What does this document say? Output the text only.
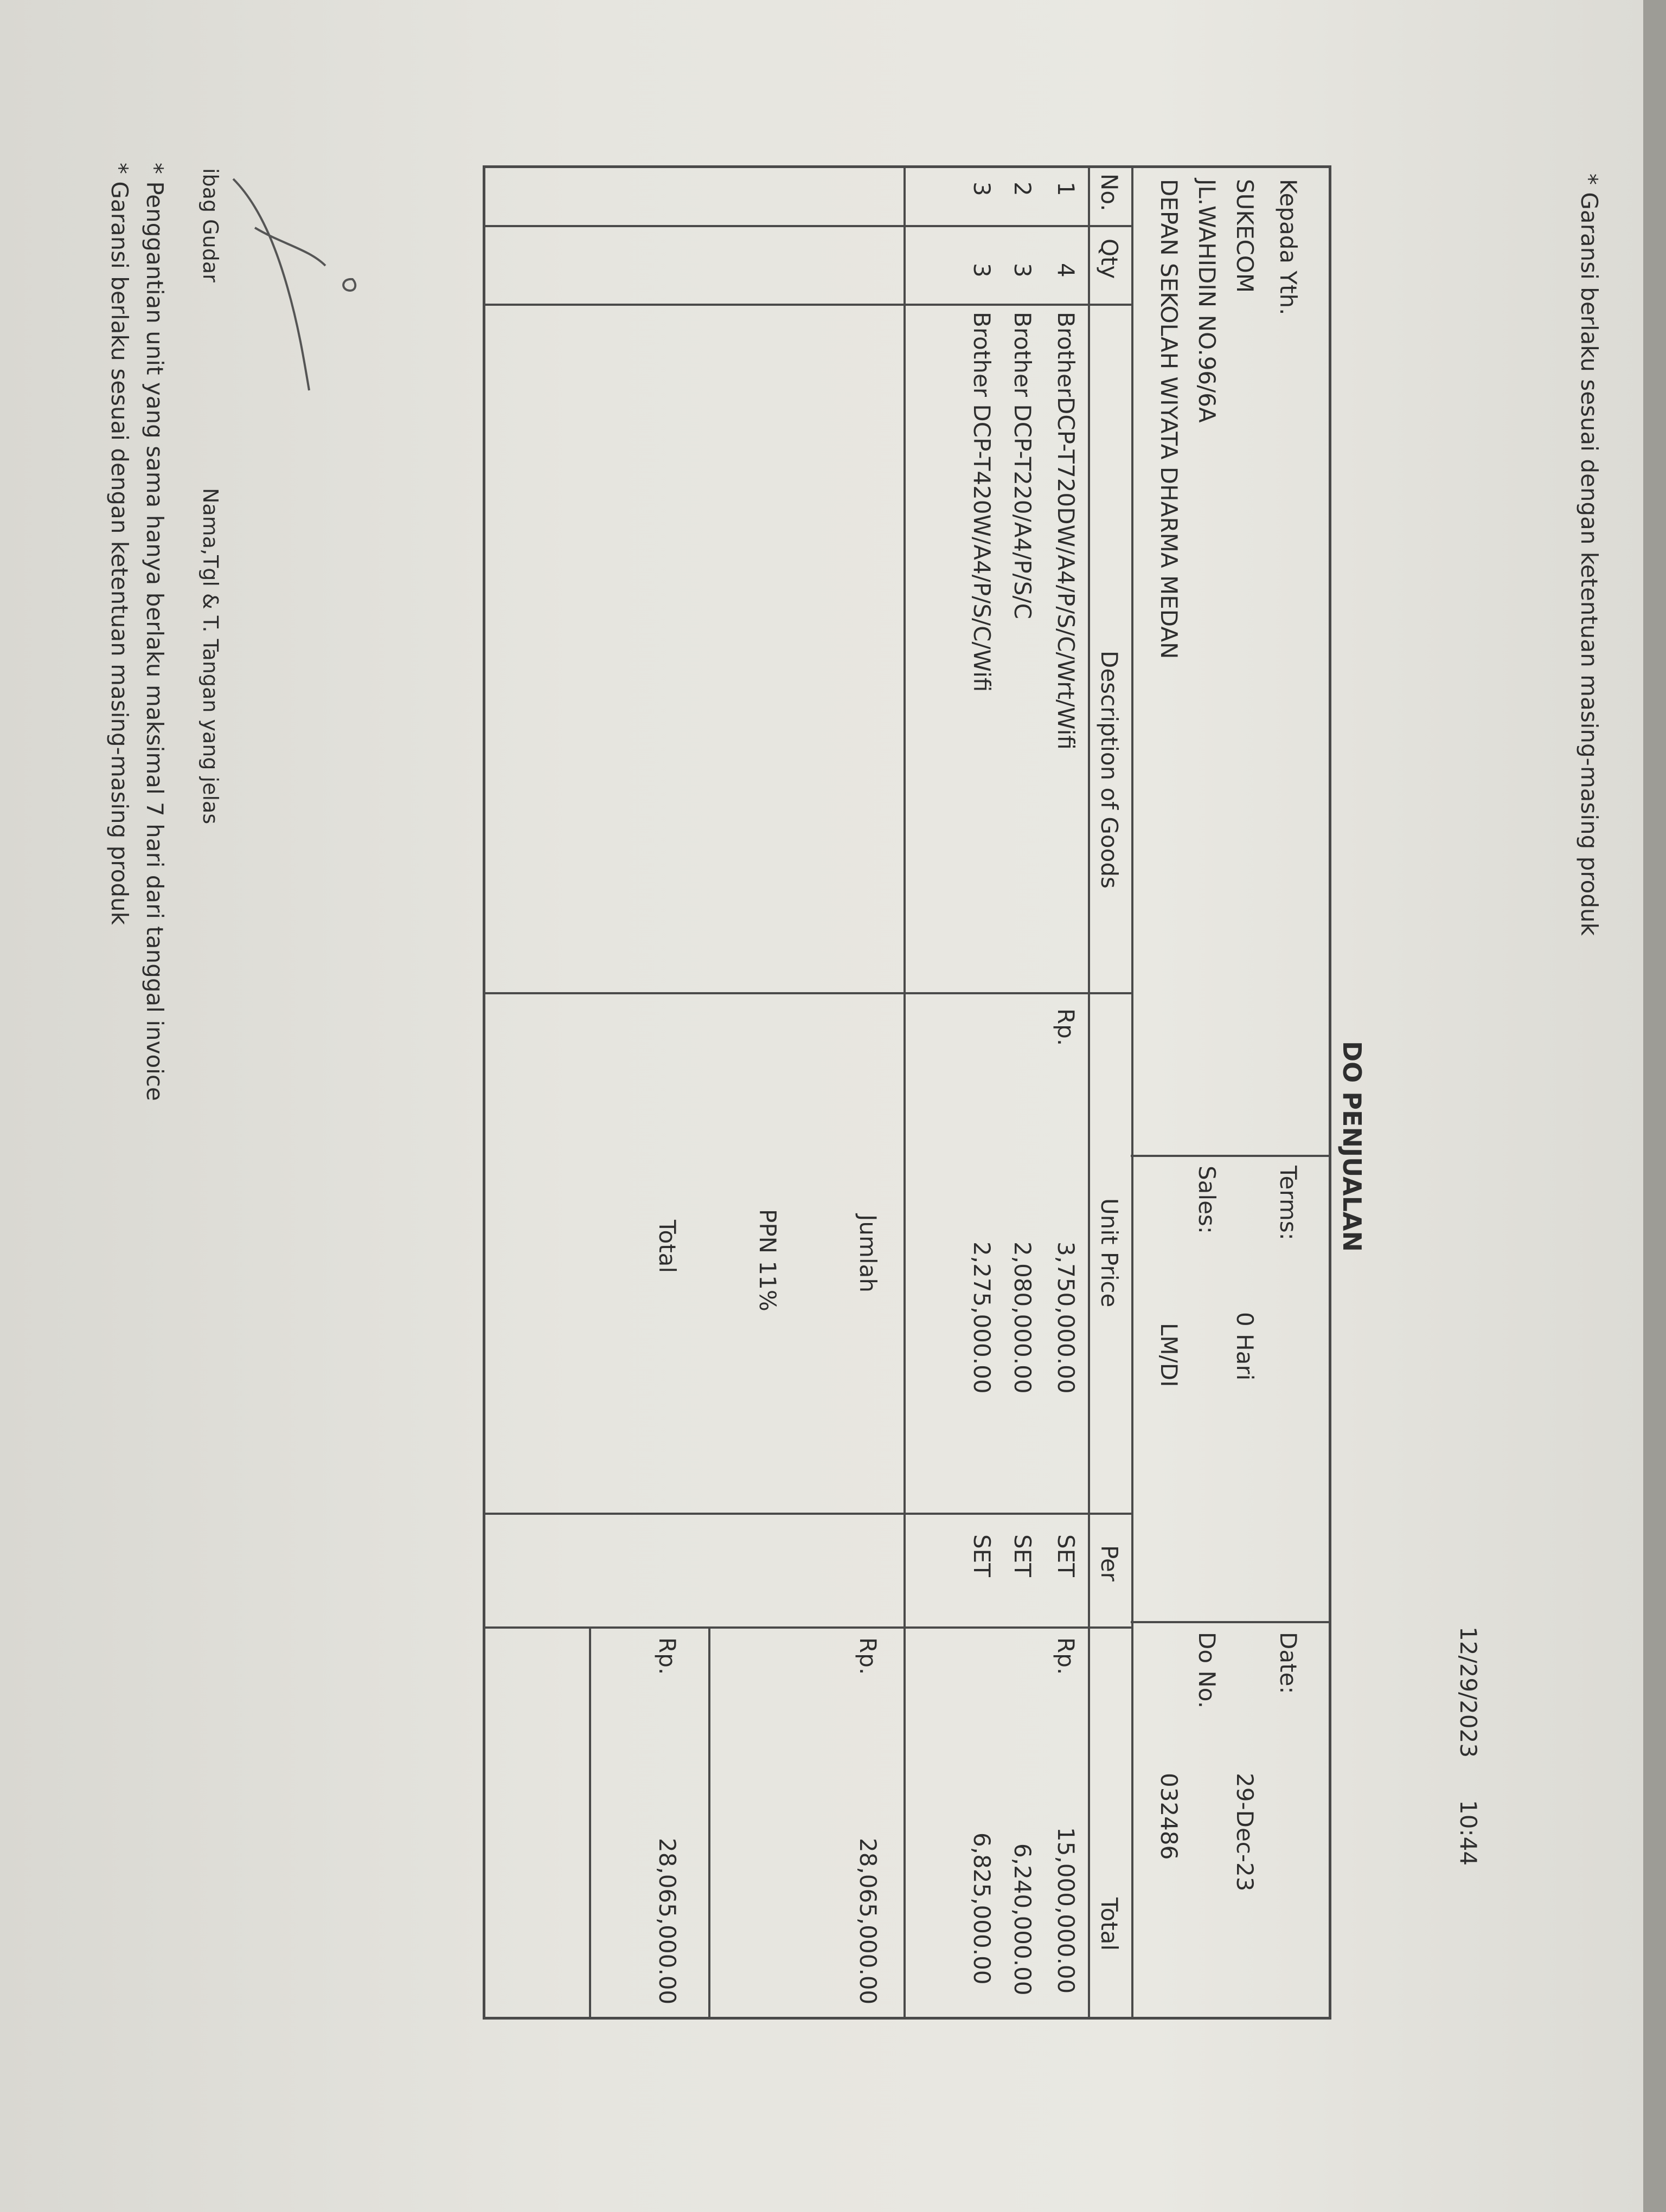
* Garansi berlaku sesuai dengan ketentuan masing-masing produk
12/29/2023
10:44
DO PENJUALAN
Kepada Yth.
SUKECOM
JL.WAHIDIN NO.96/6A
DEPAN SEKOLAH WIYATA DHARMA MEDAN
Terms:
0 Hari
Sales:
LM/DI
Date:
29-Dec-23
Do No.
032486
No.
Qty
Description of Goods
Unit Price
Per
Total
1
4
BrotherDCP-T720DW/A4/P/S/C/Wrt/Wifi
Rp.
3,750,000.00
SET
Rp.
15,000,000.00
2
3
Brother DCP-T220/A4/P/S/C
2,080,000.00
SET
6,240,000.00
3
3
Brother DCP-T420W/A4/P/S/C/Wifi
2,275,000.00
SET
6,825,000.00
Jumlah
Rp.
28,065,000.00
PPN 11%
Total
Rp.
28,065,000.00
ibag Gudar
Nama,Tgl & T. Tangan yang jelas
* Penggantian unit yang sama hanya berlaku maksimal 7 hari dari tanggal invoice
* Garansi berlaku sesuai dengan ketentuan masing-masing produk
